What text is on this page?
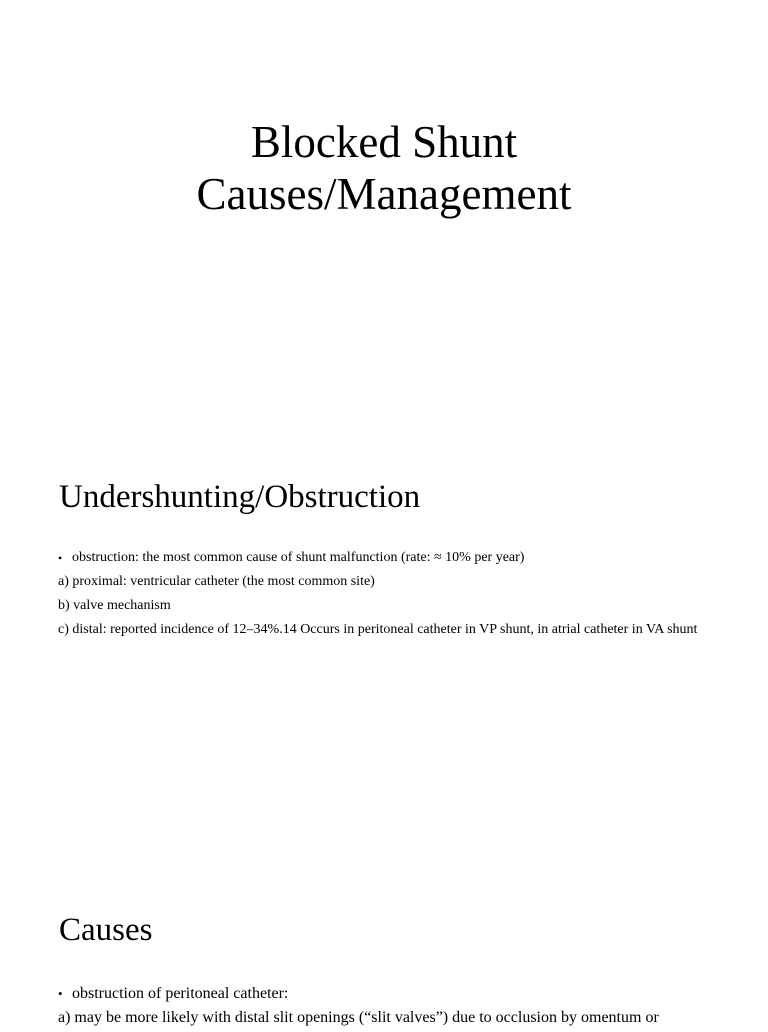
Blocked Shunt
Causes/Management
Undershunting/Obstruction
• obstruction: the most common cause of shunt malfunction (rate: ≈ 10% per year)
a) proximal: ventricular catheter (the most common site)
b) valve mechanism
c) distal: reported incidence of 12–34%.14 Occurs in peritoneal catheter in VP shunt, in atrial catheter in VA shunt
Causes
• obstruction of peritoneal catheter:
a) may be more likely with distal slit openings (“slit valves”) due to occlusion by omentum or
